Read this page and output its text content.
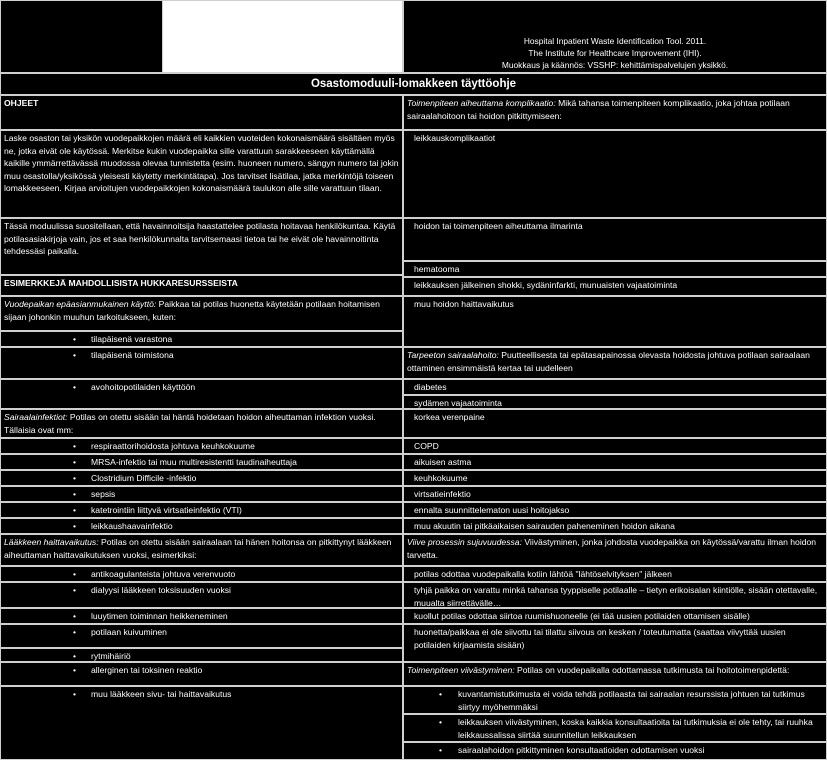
Hospital Inpatient Waste Identification Tool. 2011.
The Institute for Healthcare Improvement (IHI).
Muokkaus ja käännös: VSSHP: kehittämispalvelujen yksikkö.
Osastomoduuli-lomakkeen täyttöohje
OHJEET
Laske osaston tai yksikön vuodepaikkojen määrä eli kaikkien vuoteiden kokonaismäärä sisältäen myös ne, jotka eivät ole käytössä. Merkitse kukin vuodepaikka sille varattuun sarakkeeseen käyttämällä kaikille ymmärrettävässä muodossa olevaa tunnistetta (esim. huoneen numero, sängyn numero tai jokin muu osastolla/yksikössä yleisesti käytetty merkintätapa). Jos tarvitset lisätilaa, jatka merkintöjä toiseen lomakkeeseen. Kirjaa arvioitujen vuodepaikkojen kokonaismäärä taulukon alle sille varattuun tilaan.
Tässä moduulissa suositellaan, että havainnoitsija haastattelee potilasta hoitavaa henkilökuntaa. Käytä potilasasiakirjoja vain, jos et saa henkilökunnalta tarvitsemaasi tietoa tai he eivät ole havainnoitinta tehdessäsi paikalla.
ESIMERKKEJÄ MAHDOLLISISTA HUKKARESURSSEISTA
Vuodepaikan epäasianmukainen käyttö: Paikkaa tai potilas huonetta käytetään potilaan hoitamisen sijaan johonkin muuhun tarkoitukseen, kuten:
• tilapäisenä varastona
• tilapäisenä toimistona
• avohoitopotilaiden käyttöön
Sairaalainfektiot: Potilas on otettu sisään tai häntä hoidetaan hoidon aiheuttaman infektion vuoksi. Tällaisia ovat mm:
• respiraattorihoidosta johtuva keuhkokuume
• MRSA-infektio tai muu multiresistentti taudinaiheuttaja
• Clostridium Difficile -infektio
• sepsis
• katetrointiin liittyvä virtsatieinfektio (VTI)
• leikkaushaavainfektio
Lääkkeen haittavaikutus: Potilas on otettu sisään sairaalaan tai hänen hoitonsa on pitkittynyt lääkkeen aiheuttaman haittavaikutuksen vuoksi, esimerkiksi:
• antikoagulanteista johtuva verenvuoto
• dialyysi lääkkeen toksisuuden vuoksi
• luuytimen toiminnan heikkeneminen
• potilaan kuivuminen
• rytmihäiriö
• allerginen tai toksinen reaktio
• muu lääkkeen sivu- tai haittavaikutus
Toimenpiteen aiheuttama komplikaatio: Mikä tahansa toimenpiteen komplikaatio, joka johtaa potilaan sairaalahoitoon tai hoidon pitkittymiseen:
leikkauskomplikaatiot
hoidon tai toimenpiteen aiheuttama ilmarinta
hematooma
leikkauksen jälkeinen shokki, sydäninfarkti, munuaisten vajaatoiminta
muu hoidon haittavaikutus
Tarpeeton sairaalahoito: Puutteellisesta tai epätasapainossa olevasta hoidosta johtuva potilaan sairaalaan ottaminen ensimmäistä kertaa tai uudelleen
diabetes
sydämen vajaatoiminta
korkea verenpaine
COPD
aikuisen astma
keuhkokuume
virtsatieinfektio
ennalta suunnittelematon uusi hoitojakso
muu akuutin tai pitkäaikaisen sairauden paheneminen hoidon aikana
Viive prosessin sujuvuudessa: Viivästyminen, jonka johdosta vuodepaikka on käytössä/varattu ilman hoidon tarvetta.
potilas odottaa vuodepaikalla kotiin lähtöä "lähtöselvityksen" jälkeen
tyhjä paikka on varattu minkä tahansa tyyppiselle potilaalle – tietyn erikoisalan kiintiölle, sisään otettavalle, muualta siirrettävälle…
kuollut potilas odottaa siirtoa ruumishuoneelle (ei tää uusien potilaiden ottamisen sisälle)
huonetta/paikkaa ei ole siivottu tai tilattu siivous on kesken / toteutumatta (saattaa viivyttää uusien potilaiden kirjaamista sisään)
Toimenpiteen viivästyminen: Potilas on vuodepaikalla odottamassa tutkimusta tai hoitotoimenpidettä:
• kuvantamistutkimusta ei voida tehdä potilaasta tai sairaalan resurssista johtuen tai tutkimus siirtyy myöhemmäksi
• leikkauksen viivästyminen, koska kaikkia konsultaatioita tai tutkimuksia ei ole tehty, tai ruuhka leikkaussalissa siirtää suunnitellun leikkauksen
• sairaalahoidon pitkittyminen konsultaatioiden odottamisen vuoksi
